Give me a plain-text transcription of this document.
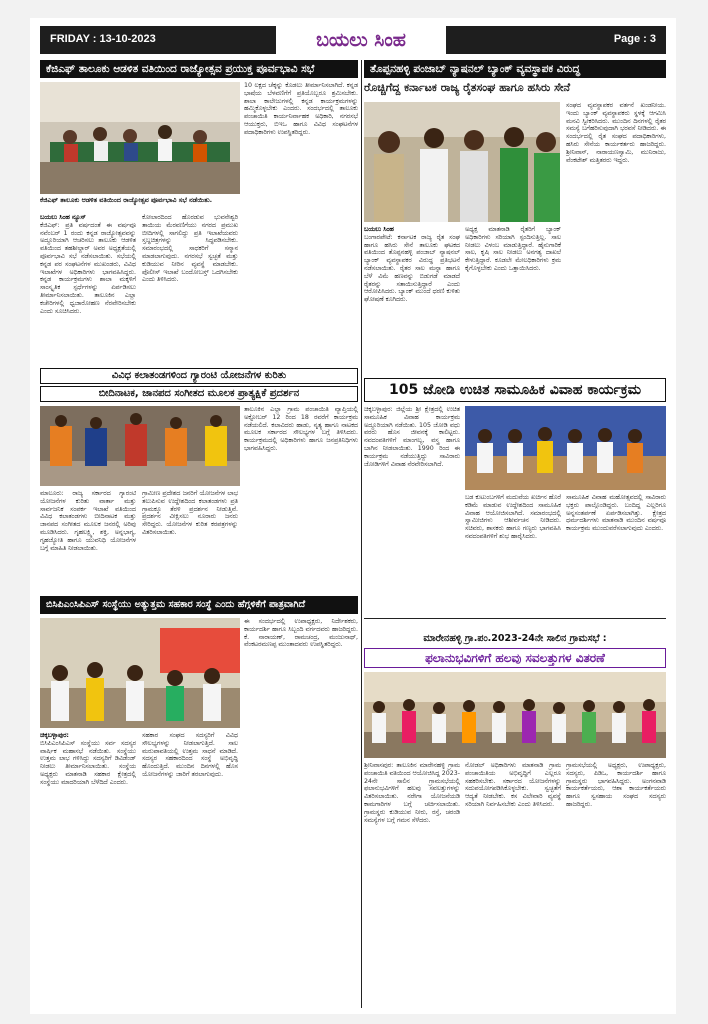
FRIDAY : 13-10-2023	ಬಯಲು ಸಿಂಹ	Page : 3
ಕೆಜಿಎಫ್ ತಾಲೂಕು ಆಡಳಿತ ವತಿಯಿಂದ ರಾಜ್ಯೋತ್ಸವ ಪ್ರಯುಕ್ತ ಪೂರ್ವಭಾವಿ ಸಭೆ
ಕೆಜಿಎಫ್ ತಾಲೂಕು ಆಡಳಿತ ವತಿಯಿಂದ ರಾಜ್ಯೋತ್ಸವ ಪೂರ್ವಭಾವಿ ಸಭೆ ನಡೆಯಿತು.
ಬಯಲು ಸಿಂಹ ನ್ಯೂಸ್
ಕೆಜಿಎಫ್: ಪ್ರತಿ ವರ್ಷದಂತೆ ಈ ವರ್ಷವೂ ನವೆಂಬರ್ 1 ರಂದು ಕನ್ನಡ ರಾಜ್ಯೋತ್ಸವವನ್ನು ಅದ್ದೂರಿಯಾಗಿ ಆಚರಿಸಲು ತಾಲೂಕು ಆಡಳಿತ ವತಿಯಿಂದ ತಹಶೀಲ್ದಾರ್ ಅವರ ಅಧ್ಯಕ್ಷತೆಯಲ್ಲಿ ಪೂರ್ವಭಾವಿ ಸಭೆ ನಡೆಸಲಾಯಿತು. ಸಭೆಯಲ್ಲಿ ಕನ್ನಡ ಪರ ಸಂಘಟನೆಗಳ ಮುಖಂಡರು, ವಿವಿಧ ಇಲಾಖೆಗಳ ಅಧಿಕಾರಿಗಳು ಭಾಗವಹಿಸಿದ್ದರು. ಕನ್ನಡ ಕಾರ್ಯಕ್ರಮಗಳು ಶಾಲಾ ಮಕ್ಕಳಿಗೆ ಸಾಂಸ್ಕೃತಿಕ ಸ್ಪರ್ಧೆಗಳನ್ನು ಏರ್ಪಡಿಸಲು ತೀರ್ಮಾನಿಸಲಾಯಿತು. ತಾಲೂಕಿನ ಎಲ್ಲಾ ಕಚೇರಿಗಳಲ್ಲಿ ಧ್ವಜಾರೋಹಣ ನೆರವೇರಿಸಬೇಕು ಎಂದು ಸೂಚಿಸಿದರು.
ಕೋಲಾರದಿಂದ ಹೊರಡುವ ಭುವನೇಶ್ವರಿ ತಾಯಿಯ ಮೆರವಣಿಗೆಯು ನಗರದ ಪ್ರಮುಖ ಬೀದಿಗಳಲ್ಲಿ ಸಾಗಲಿದ್ದು ಪ್ರತಿ ಇಲಾಖೆಯವರು ಸ್ತಬ್ಧಚಿತ್ರಗಳನ್ನು ಸಿದ್ಧಪಡಿಸಬೇಕು. ಸಮಾರಂಭದಲ್ಲಿ ಸಾಧಕರಿಗೆ ಸನ್ಮಾನ ಮಾಡಲಾಗುವುದು. ನಗರಸಭೆ ಸ್ವಚ್ಛತೆ ಮತ್ತು ಕುಡಿಯುವ ನೀರಿನ ವ್ಯವಸ್ಥೆ ಮಾಡಬೇಕು. ಪೊಲೀಸ್ ಇಲಾಖೆ ಬಂದೋಬಸ್ತ್ ಒದಗಿಸಬೇಕು ಎಂದು ತಿಳಿಸಿದರು.
10 ಲಕ್ಷದ ಚೆಕ್ಕನ್ನು ಕೊಡಲು ತೀರ್ಮಾನಿಸಲಾಗಿದೆ. ಕನ್ನಡ ಭಾಷೆಯ ಬೆಳವಣಿಗೆಗೆ ಪ್ರತಿಯೊಬ್ಬರೂ ಶ್ರಮಿಸಬೇಕು. ಶಾಲಾ ಕಾಲೇಜುಗಳಲ್ಲಿ ಕನ್ನಡ ಕಾರ್ಯಕ್ರಮಗಳನ್ನು ಹಮ್ಮಿಕೊಳ್ಳಬೇಕು ಎಂದರು. ಸಂದರ್ಭದಲ್ಲಿ ತಾಲೂಕು ಪಂಚಾಯಿತಿ ಕಾರ್ಯನಿರ್ವಾಹಕ ಅಧಿಕಾರಿ, ನಗರಸಭೆ ಆಯುಕ್ತರು, ಬಿಇಒ ಹಾಗೂ ವಿವಿಧ ಸಂಘಟನೆಗಳ ಪದಾಧಿಕಾರಿಗಳು ಉಪಸ್ಥಿತರಿದ್ದರು.
ತೊಪ್ಪನಹಳ್ಳಿ ಪಂಜಾಬ್ ನ್ಯಾಷನಲ್ ಬ್ಯಾಂಕ್ ವ್ಯವಸ್ಥಾಪಕ ವಿರುದ್ಧ
ರೊಚ್ಚಿಗೆದ್ದ ಕರ್ನಾಟಕ ರಾಜ್ಯ ರೈತಸಂಘ ಹಾಗೂ ಹಸಿರು ಸೇನೆ
ಬಯಲು ಸಿಂಹ
ಬಂಗಾರಪೇಟೆ: ಕರ್ನಾಟಕ ರಾಜ್ಯ ರೈತ ಸಂಘ ಹಾಗೂ ಹಸಿರು ಸೇನೆ ತಾಲೂಕು ಘಟಕದ ವತಿಯಿಂದ ತೊಪ್ಪನಹಳ್ಳಿ ಪಂಜಾಬ್ ನ್ಯಾಷನಲ್ ಬ್ಯಾಂಕ್ ವ್ಯವಸ್ಥಾಪಕರ ವಿರುದ್ಧ ಪ್ರತಿಭಟನೆ ನಡೆಸಲಾಯಿತು. ರೈತರ ಸಾಲ ಮನ್ನಾ ಹಾಗೂ ಬೆಳೆ ವಿಮೆ ಹಣವನ್ನು ಬಿಡುಗಡೆ ಮಾಡದೆ ರೈತರನ್ನು ಸತಾಯಿಸುತ್ತಿದ್ದಾರೆ ಎಂದು ಆರೋಪಿಸಿದರು. ಬ್ಯಾಂಕ್ ಮುಂದೆ ಧರಣಿ ಕುಳಿತು ಘೋಷಣೆ ಕೂಗಿದರು.
ಅಧ್ಯಕ್ಷ ಮಾತನಾಡಿ ರೈತರಿಗೆ ಬ್ಯಾಂಕ್ ಅಧಿಕಾರಿಗಳು ಸರಿಯಾಗಿ ಸ್ಪಂದಿಸುತ್ತಿಲ್ಲ. ಸಾಲ ನೀಡಲು ವಿಳಂಬ ಮಾಡುತ್ತಿದ್ದಾರೆ. ಹೈನುಗಾರಿಕೆ ಸಾಲ, ಕೃಷಿ ಸಾಲ ನೀಡಲು ಅನಗತ್ಯ ದಾಖಲೆ ಕೇಳುತ್ತಿದ್ದಾರೆ. ಕೂಡಲೇ ಮೇಲಧಿಕಾರಿಗಳು ಕ್ರಮ ಕೈಗೊಳ್ಳಬೇಕು ಎಂದು ಒತ್ತಾಯಿಸಿದರು.
ಸಂಘದ ವ್ಯವಸ್ಥಾಪಕರ ವರ್ತನೆ ಖಂಡನೀಯ. ಇಂದು ಬ್ಯಾಂಕ್ ವ್ಯವಸ್ಥಾಪಕರು ಸ್ಥಳಕ್ಕೆ ಆಗಮಿಸಿ ಮನವಿ ಸ್ವೀಕರಿಸಿದರು. ಮುಂದಿನ ದಿನಗಳಲ್ಲಿ ರೈತರ ಸಮಸ್ಯೆ ಬಗೆಹರಿಸುವುದಾಗಿ ಭರವಸೆ ನೀಡಿದರು. ಈ ಸಂದರ್ಭದಲ್ಲಿ ರೈತ ಸಂಘದ ಪದಾಧಿಕಾರಿಗಳು, ಹಸಿರು ಸೇನೆಯ ಕಾರ್ಯಕರ್ತರು ಹಾಜರಿದ್ದರು. ಶ್ರೀನಿವಾಸ್, ನಾರಾಯಣಸ್ವಾಮಿ, ಮುನಿರಾಜು, ವೆಂಕಟೇಶ್ ಮತ್ತಿತರರು ಇದ್ದರು.
ವಿವಿಧ ಕಲಾತಂಡಗಳಿಂದ ಗ್ಯಾರಂಟಿ ಯೋಜನೆಗಳ ಕುರಿತು
ಬೀದಿನಾಟಕ, ಜಾನಪದ ಸಂಗೀತದ ಮೂಲಕ ಪ್ರಾತ್ಯಕ್ಷಿಕೆ ಪ್ರದರ್ಶನ
ಮಾಲೂರು: ರಾಜ್ಯ ಸರ್ಕಾರದ ಗ್ಯಾರಂಟಿ ಯೋಜನೆಗಳ ಕುರಿತು ವಾರ್ತಾ ಮತ್ತು ಸಾರ್ವಜನಿಕ ಸಂಪರ್ಕ ಇಲಾಖೆ ವತಿಯಿಂದ ವಿವಿಧ ಕಲಾತಂಡಗಳು ಬೀದಿನಾಟಕ ಮತ್ತು ಜಾನಪದ ಸಂಗೀತದ ಮೂಲಕ ಜನರಲ್ಲಿ ಅರಿವು ಮೂಡಿಸಿದರು. ಗೃಹಲಕ್ಷ್ಮಿ, ಶಕ್ತಿ, ಅನ್ನಭಾಗ್ಯ, ಗೃಹಜ್ಯೋತಿ ಹಾಗೂ ಯುವನಿಧಿ ಯೋಜನೆಗಳ ಬಗ್ಗೆ ಮಾಹಿತಿ ನೀಡಲಾಯಿತು.
ಗ್ರಾಮೀಣ ಪ್ರದೇಶದ ಜನರಿಗೆ ಯೋಜನೆಗಳ ಲಾಭ ತಲುಪಿಸುವ ಉದ್ದೇಶದಿಂದ ಕಲಾತಂಡಗಳು ಪ್ರತಿ ಗ್ರಾಮಕ್ಕೂ ತೆರಳಿ ಪ್ರದರ್ಶನ ನೀಡುತ್ತಿವೆ. ಪ್ರದರ್ಶನ ವೀಕ್ಷಿಸಲು ನೂರಾರು ಜನರು ಸೇರಿದ್ದರು. ಯೋಜನೆಗಳ ಕುರಿತ ಕರಪತ್ರಗಳನ್ನು ವಿತರಿಸಲಾಯಿತು.
ತಾಲೂಕಿನ ಎಲ್ಲಾ ಗ್ರಾಮ ಪಂಚಾಯಿತಿ ವ್ಯಾಪ್ತಿಯಲ್ಲಿ ಅಕ್ಟೋಬರ್ 12 ರಿಂದ 18 ರವರೆಗೆ ಕಾರ್ಯಕ್ರಮ ನಡೆಯಲಿದೆ. ಕಲಾವಿದರು ಹಾಡು, ನೃತ್ಯ ಹಾಗೂ ನಾಟಕದ ಮೂಲಕ ಸರ್ಕಾರದ ಸೌಲಭ್ಯಗಳ ಬಗ್ಗೆ ತಿಳಿಸಿದರು. ಕಾರ್ಯಕ್ರಮದಲ್ಲಿ ಅಧಿಕಾರಿಗಳು ಹಾಗೂ ಜನಪ್ರತಿನಿಧಿಗಳು ಭಾಗವಹಿಸಿದ್ದರು.
105 ಜೋಡಿ ಉಚಿತ ಸಾಮೂಹಿಕ ವಿವಾಹ ಕಾರ್ಯಕ್ರಮ
ಚಿಕ್ಕಬಳ್ಳಾಪುರ: ಜಿಲ್ಲೆಯ ಶ್ರೀ ಕ್ಷೇತ್ರದಲ್ಲಿ ಉಚಿತ ಸಾಮೂಹಿಕ ವಿವಾಹ ಕಾರ್ಯಕ್ರಮ ಅದ್ದೂರಿಯಾಗಿ ನಡೆಯಿತು. 105 ಜೋಡಿ ವಧು ವರರು ಹೊಸ ಜೀವನಕ್ಕೆ ಕಾಲಿಟ್ಟರು. ನವದಂಪತಿಗಳಿಗೆ ಮಾಂಗಲ್ಯ, ವಸ್ತ್ರ ಹಾಗೂ ಬಾಗಿನ ನೀಡಲಾಯಿತು. 1990 ರಿಂದ ಈ ಕಾರ್ಯಕ್ರಮ ನಡೆಯುತ್ತಿದ್ದು ಸಾವಿರಾರು ಜೋಡಿಗಳಿಗೆ ವಿವಾಹ ನೆರವೇರಿಸಲಾಗಿದೆ.
ಬಡ ಕುಟುಂಬಗಳಿಗೆ ಮದುವೆಯ ಖರ್ಚಿನ ಹೊರೆ ಕಡಿಮೆ ಮಾಡುವ ಉದ್ದೇಶದಿಂದ ಸಾಮೂಹಿಕ ವಿವಾಹ ಆಯೋಜಿಸಲಾಗಿದೆ. ಸಮಾರಂಭದಲ್ಲಿ ಸ್ವಾಮೀಜಿಗಳು ಆಶೀರ್ವಚನ ನೀಡಿದರು. ಸಚಿವರು, ಶಾಸಕರು ಹಾಗೂ ಗಣ್ಯರು ಭಾಗವಹಿಸಿ ನವದಂಪತಿಗಳಿಗೆ ಶುಭ ಹಾರೈಸಿದರು.
ಸಾಮೂಹಿಕ ವಿವಾಹ ಮಹೋತ್ಸವದಲ್ಲಿ ಸಾವಿರಾರು ಭಕ್ತರು ಪಾಲ್ಗೊಂಡಿದ್ದರು. ಬಂದಿದ್ದ ಎಲ್ಲರಿಗೂ ಅನ್ನಸಂತರ್ಪಣೆ ಏರ್ಪಡಿಸಲಾಗಿತ್ತು. ಕ್ಷೇತ್ರದ ಧರ್ಮದರ್ಶಿಗಳು ಮಾತನಾಡಿ ಮುಂದಿನ ವರ್ಷವೂ ಕಾರ್ಯಕ್ರಮ ಮುಂದುವರೆಸಲಾಗುವುದು ಎಂದರು.
ಬಿಸಿಪಿಎಂಸಿಪಿಎಸ್ ಸಂಸ್ಥೆಯು ಅತ್ಯುತ್ತಮ ಸಹಕಾರ ಸಂಸ್ಥೆ ಎಂದು ಹೆಗ್ಗಳಿಕೆಗೆ ಪಾತ್ರವಾಗಿದೆ
ಚಿಕ್ಕಬಳ್ಳಾಪುರ:
ಬಿಸಿಪಿಎಂಸಿಪಿಎಸ್ ಸಂಸ್ಥೆಯು ಸರ್ವ ಸದಸ್ಯರ ವಾರ್ಷಿಕ ಮಹಾಸಭೆ ನಡೆಯಿತು. ಸಂಸ್ಥೆಯು ಉತ್ತಮ ಲಾಭ ಗಳಿಸಿದ್ದು ಸದಸ್ಯರಿಗೆ ಡಿವಿಡೆಂಡ್ ನೀಡಲು ತೀರ್ಮಾನಿಸಲಾಯಿತು. ಸಂಸ್ಥೆಯ ಅಧ್ಯಕ್ಷರು ಮಾತನಾಡಿ ಸಹಕಾರ ಕ್ಷೇತ್ರದಲ್ಲಿ ಸಂಸ್ಥೆಯು ಮಾದರಿಯಾಗಿ ಬೆಳೆದಿದೆ ಎಂದರು.
ಸಹಕಾರ ಸಂಘದ ಸದಸ್ಯರಿಗೆ ವಿವಿಧ ಸೌಲಭ್ಯಗಳನ್ನು ನೀಡಲಾಗುತ್ತಿದೆ. ಸಾಲ ಮರುಪಾವತಿಯಲ್ಲಿ ಉತ್ತಮ ಸಾಧನೆ ಮಾಡಿದೆ. ಸದಸ್ಯರ ಸಹಕಾರದಿಂದ ಸಂಸ್ಥೆ ಅಭಿವೃದ್ಧಿ ಹೊಂದುತ್ತಿದೆ. ಮುಂದಿನ ದಿನಗಳಲ್ಲಿ ಹೊಸ ಯೋಜನೆಗಳನ್ನು ಜಾರಿಗೆ ತರಲಾಗುವುದು.
ಈ ಸಂದರ್ಭದಲ್ಲಿ ಉಪಾಧ್ಯಕ್ಷರು, ನಿರ್ದೇಶಕರು, ಕಾರ್ಯದರ್ಶಿ ಹಾಗೂ ಸಿಬ್ಬಂದಿ ವರ್ಗದವರು ಹಾಜರಿದ್ದರು. ಕೆ. ನಾರಾಯಣ್, ರಾಮಚಂದ್ರ, ಮಂಜುನಾಥ್, ವೆಂಕಟರಮಣಪ್ಪ ಮುಂತಾದವರು ಉಪಸ್ಥಿತರಿದ್ದರು.
ಮಾರೇನಹಳ್ಳಿ ಗ್ರಾ.ಪಂ.2023-24ನೇ ಸಾಲಿನ ಗ್ರಾಮಸಭೆ :
ಫಲಾನುಭವಿಗಳಿಗೆ ಹಲವು ಸವಲತ್ತುಗಳ ವಿತರಣೆ
ಶ್ರೀನಿವಾಸಪುರ: ತಾಲೂಕಿನ ಮಾರೇನಹಳ್ಳಿ ಗ್ರಾಮ ಪಂಚಾಯಿತಿ ವತಿಯಿಂದ ಆಯೋಜಿಸಿದ್ದ 2023-24ನೇ ಸಾಲಿನ ಗ್ರಾಮಸಭೆಯಲ್ಲಿ ಫಲಾನುಭವಿಗಳಿಗೆ ಹಲವು ಸವಲತ್ತುಗಳನ್ನು ವಿತರಿಸಲಾಯಿತು. ನರೇಗಾ ಯೋಜನೆಯಡಿ ಕಾಮಗಾರಿಗಳ ಬಗ್ಗೆ ಚರ್ಚಿಸಲಾಯಿತು. ಗ್ರಾಮಸ್ಥರು ಕುಡಿಯುವ ನೀರು, ರಸ್ತೆ, ಚರಂಡಿ ಸಮಸ್ಯೆಗಳ ಬಗ್ಗೆ ಗಮನ ಸೆಳೆದರು.
ನೋಡಲ್ ಅಧಿಕಾರಿಗಳು ಮಾತನಾಡಿ ಗ್ರಾಮ ಪಂಚಾಯಿತಿಯ ಅಭಿವೃದ್ಧಿಗೆ ಎಲ್ಲರೂ ಸಹಕರಿಸಬೇಕು. ಸರ್ಕಾರದ ಯೋಜನೆಗಳನ್ನು ಸದುಪಯೋಗಪಡಿಸಿಕೊಳ್ಳಬೇಕು. ಸ್ವಚ್ಛತೆಗೆ ಆದ್ಯತೆ ನೀಡಬೇಕು. ಕಸ ವಿಲೇವಾರಿ ವ್ಯವಸ್ಥೆ ಸರಿಯಾಗಿ ನಿರ್ವಹಿಸಬೇಕು ಎಂದು ತಿಳಿಸಿದರು.
ಗ್ರಾಮಸಭೆಯಲ್ಲಿ ಅಧ್ಯಕ್ಷರು, ಉಪಾಧ್ಯಕ್ಷರು, ಸದಸ್ಯರು, ಪಿಡಿಒ, ಕಾರ್ಯದರ್ಶಿ ಹಾಗೂ ಗ್ರಾಮಸ್ಥರು ಭಾಗವಹಿಸಿದ್ದರು. ಅಂಗನವಾಡಿ ಕಾರ್ಯಕರ್ತೆಯರು, ಆಶಾ ಕಾರ್ಯಕರ್ತೆಯರು ಹಾಗೂ ಸ್ವಸಹಾಯ ಸಂಘದ ಸದಸ್ಯರು ಹಾಜರಿದ್ದರು.
